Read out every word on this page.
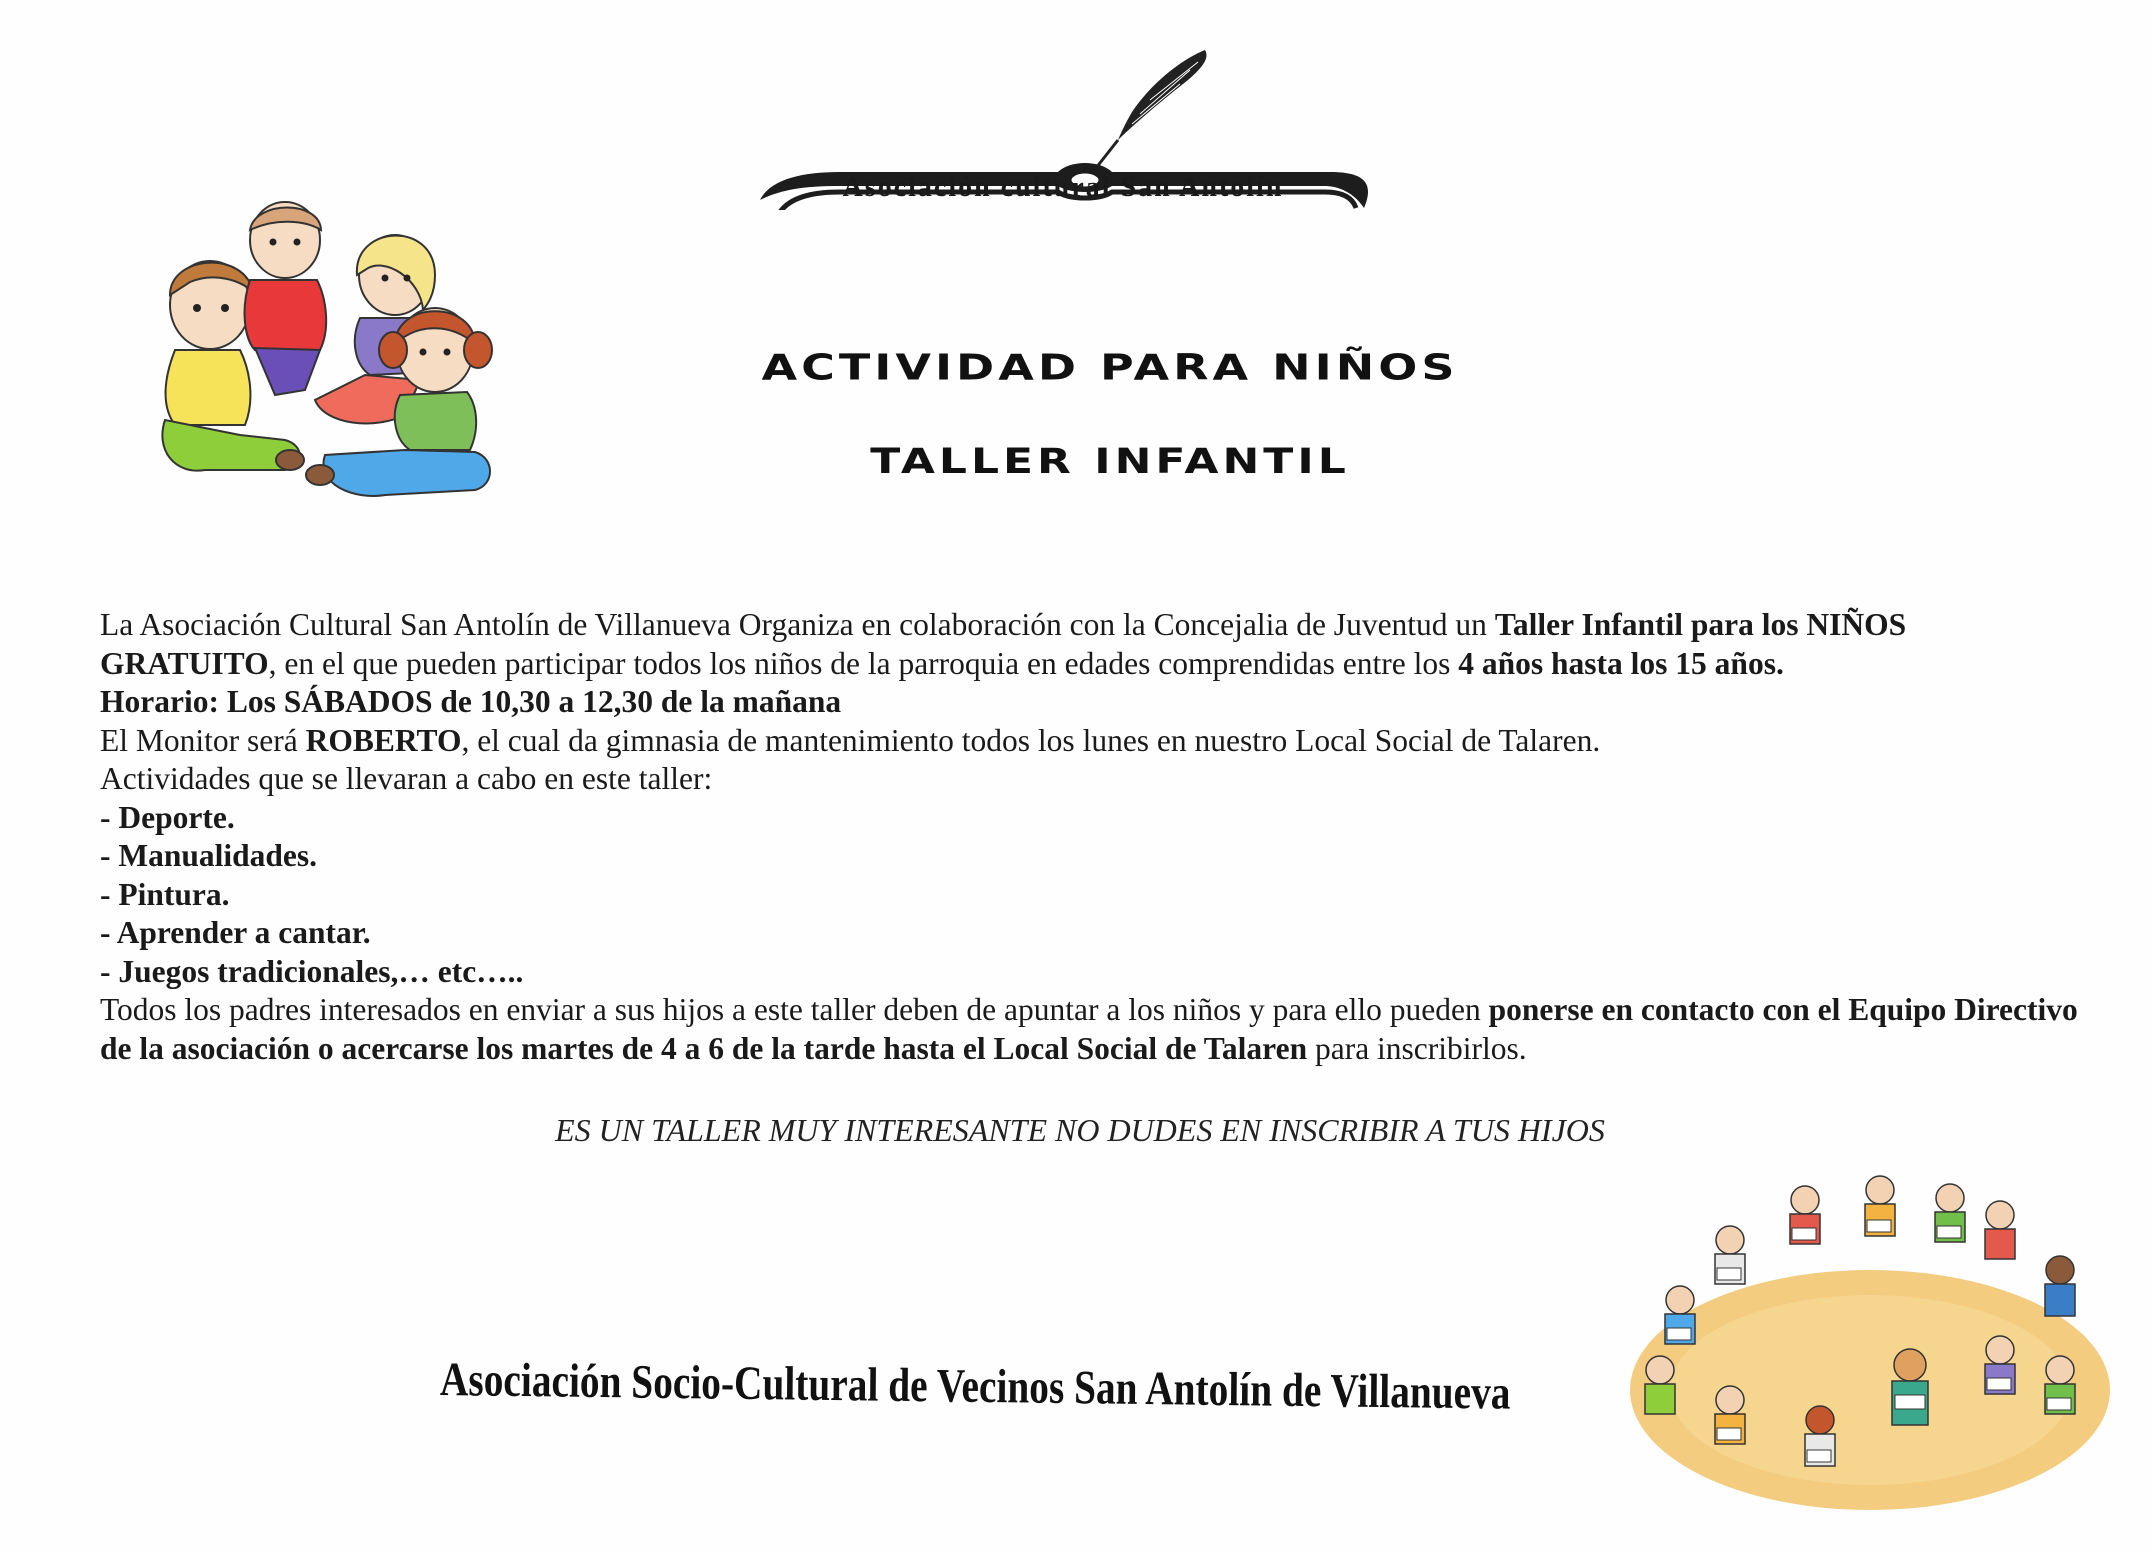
Asociación cultural San Antolín
ACTIVIDAD PARA NIÑOS
TALLER INFANTIL

La Asociación Cultural San Antolín de Villanueva Organiza en colaboración con la Concejalia de Juventud un Taller Infantil para los NIÑOS GRATUITO, en el que pueden participar todos los niños de la parroquia en edades comprendidas entre los 4 años hasta los 15 años.

Horario: Los SÁBADOS de 10,30 a 12,30 de la mañana

El Monitor será ROBERTO, el cual da gimnasia de mantenimiento todos los lunes en nuestro Local Social de Talaren.

Actividades que se llevaran a cabo en este taller:

- Deporte.
- Manualidades.
- Pintura.
- Aprender a cantar.
- Juegos tradicionales,… etc…..

Todos los padres interesados en enviar a sus hijos a este taller deben de apuntar a los niños y para ello pueden ponerse en contacto con el Equipo Directivo de la asociación o acercarse los martes de 4 a 6 de la tarde hasta el Local Social de Talaren para inscribirlos.

ES UN TALLER MUY INTERESANTE NO DUDES EN INSCRIBIR A TUS HIJOS
Asociación Socio-Cultural de Vecinos San Antolín de Villanueva
